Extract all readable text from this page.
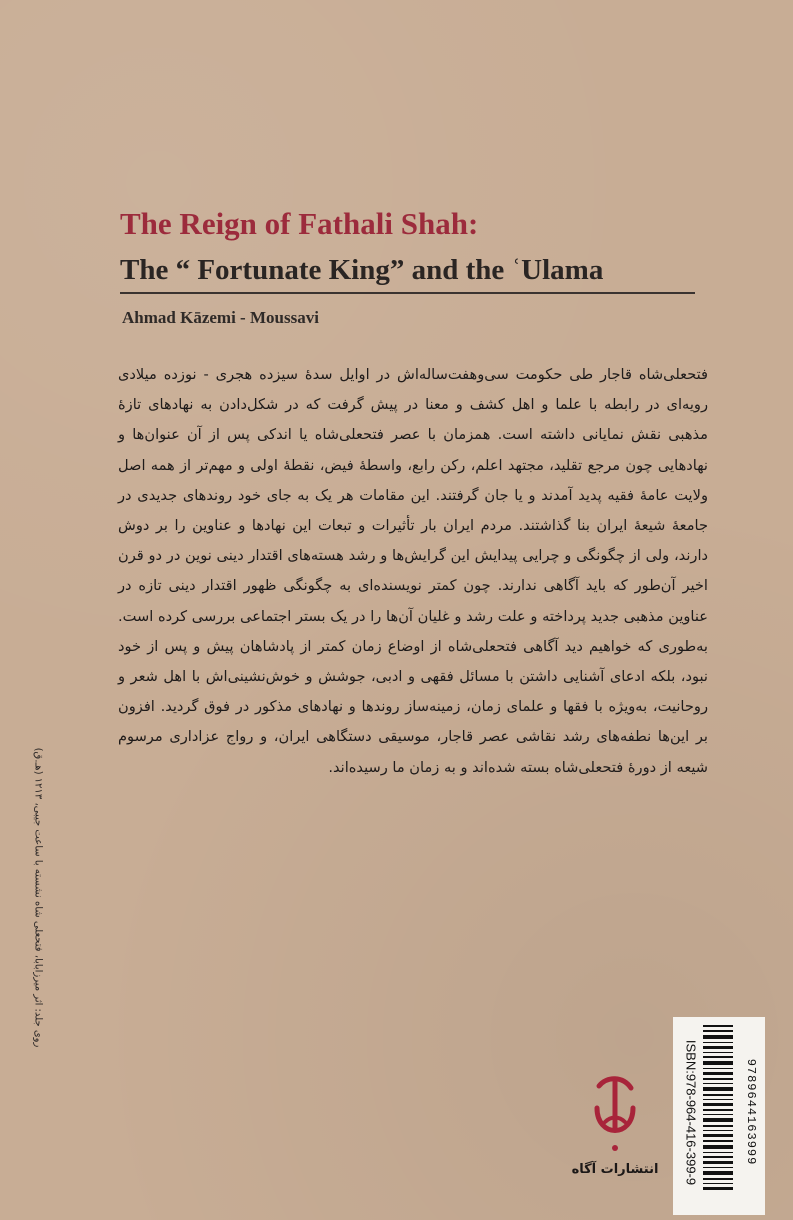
The Reign of Fathali Shah:
The “ Fortunate King” and the ʿUlama
Ahmad Kāzemi - Moussavi

فتحعلی‌شاه قاجار طی حکومت سی‌وهفت‌ساله‌اش در اوایل سدهٔ سیزده هجری - نوزده میلادی رویه‌ای در رابطه با علما و اهل کشف و معنا در پیش گرفت که در شکل‌دادن به نهادهای تازهٔ مذهبی نقش نمایانی داشته است. همزمان با عصر فتحعلی‌شاه یا اندکی پس از آن عنوان‌ها و نهادهایی چون مرجع تقلید، مجتهد اعلم، رکن رابع، واسطهٔ فیض، نقطهٔ اولی و مهم‌تر از همه اصل ولایت عامهٔ فقیه پدید آمدند و یا جان گرفتند. این مقامات هر یک به جای خود روندهای جدیدی در جامعهٔ شیعهٔ ایران بنا گذاشتند. مردم ایران بار تأثیرات و تبعات این نهادها و عناوین را بر دوش دارند، ولی از چگونگی و چرایی پیدایش این گرایش‌ها و رشد هسته‌های اقتدار دینی نوین در دو قرن اخیر آن‌طور که باید آگاهی ندارند. چون کمتر نویسنده‌ای به چگونگی ظهور اقتدار دینی تازه در عناوین مذهبی جدید پرداخته و علت رشد و غلیان آن‌ها را در یک بستر اجتماعی بررسی کرده است. به‌طوری که خواهیم دید آگاهی فتحعلی‌شاه از اوضاع زمان کمتر از پادشاهان پیش و پس از خود نبود، بلکه ادعای آشنایی داشتن با مسائل فقهی و ادبی، جوشش و خوش‌نشینی‌اش با اهل شعر و روحانیت، به‌ویژه با فقها و علمای زمان، زمینه‌ساز روندها و نهادهای مذکور در فوق گردید. افزون بر این‌ها نطفه‌های رشد نقاشی عصر قاجار، موسیقی دستگاهی ایران، و رواج عزاداری مرسوم شیعه از دورهٔ فتحعلی‌شاه بسته شده‌اند و به زمان ما رسیده‌اند.

روی جلد: اثر میرزابابا، فتحعلی شاه نشسته با ساعت جیبی، ۱۲۱۳ (هـ.ق)
انتشارات آگاه	ISBN:978-964-416-399-9	9789644163999
